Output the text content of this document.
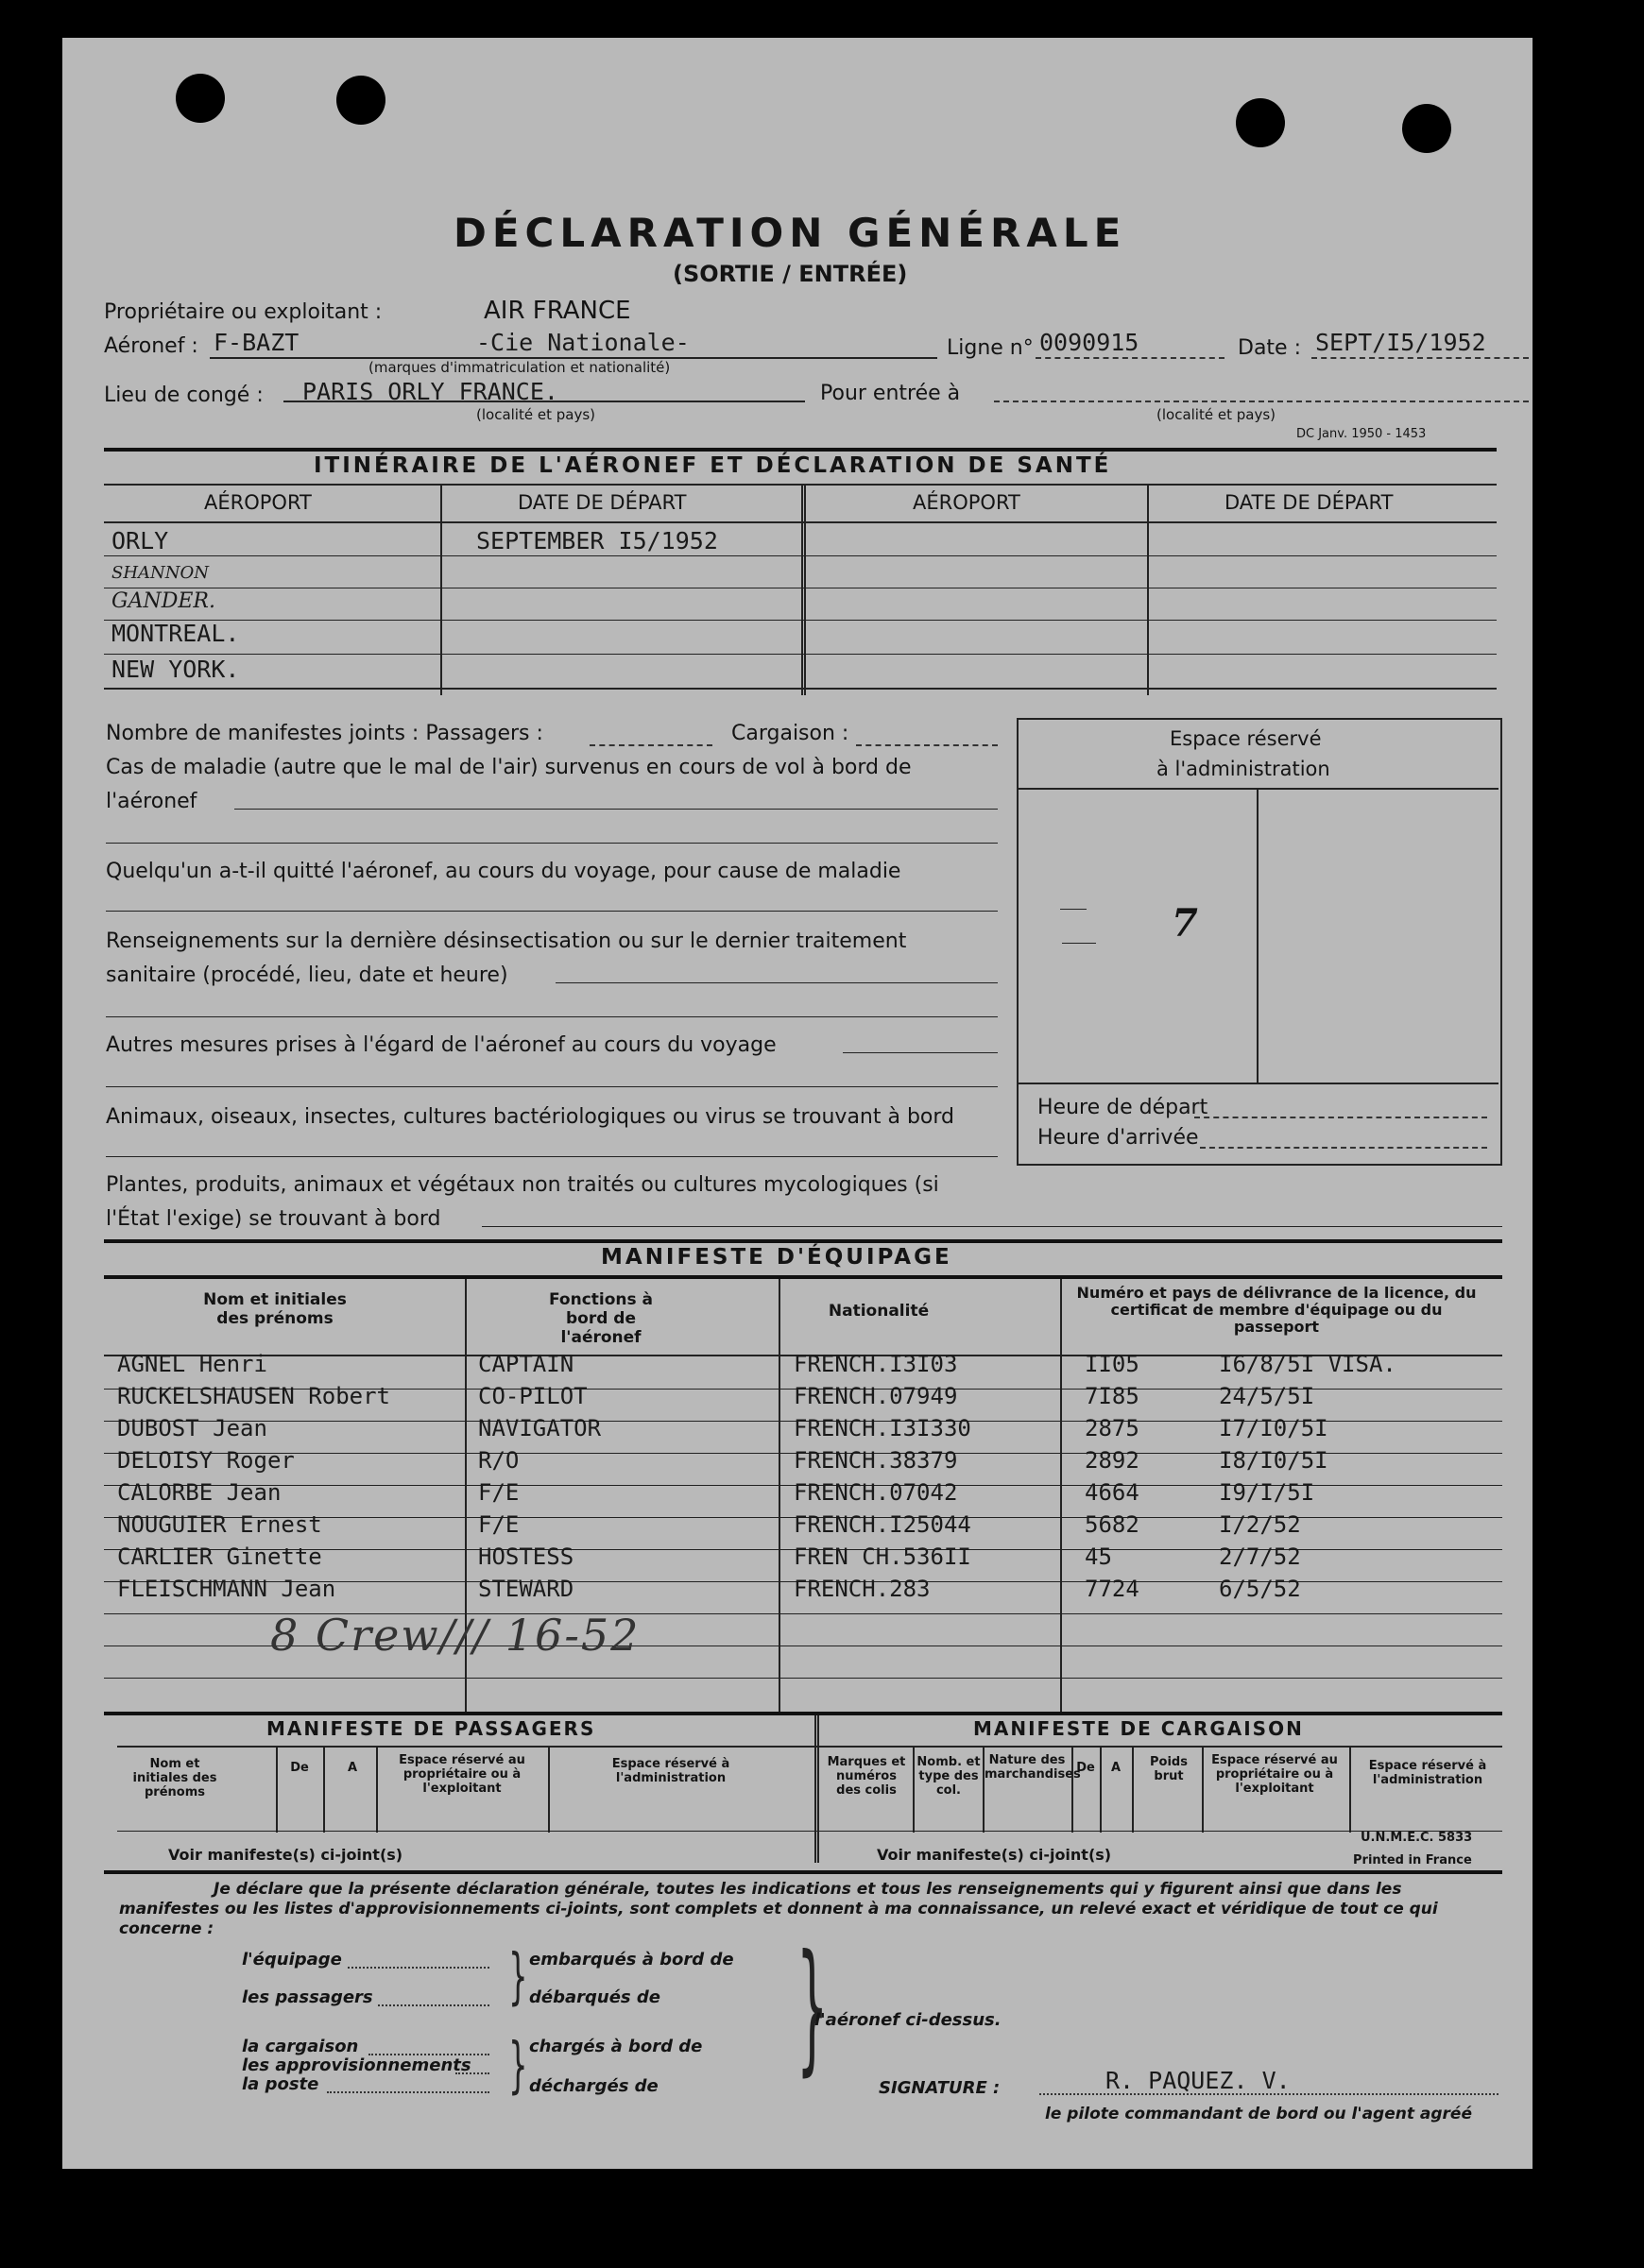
DÉCLARATION GÉNÉRALE
(SORTIE / ENTRÉE)
Propriétaire ou exploitant :	AIR FRANCE
Aéronef : F-BAZT	-Cie Nationale-
(marques d'immatriculation et nationalité)
Ligne n° 0090915	Date : SEPT/I5/1952
Lieu de congé : PARIS ORLY FRANCE.
(localité et pays)
Pour entrée à
(localité et pays)
DC Janv. 1950 - 1453
ITINÉRAIRE DE L'AÉRONEF ET DÉCLARATION DE SANTÉ
AÉROPORT	DATE DE DÉPART	AÉROPORT	DATE DE DÉPART
ORLY	SEPTEMBER I5/1952
SHANNON
GANDER.
MONTREAL.
NEW YORK.
Nombre de manifestes joints : Passagers :	Cargaison :
Cas de maladie (autre que le mal de l'air) survenus en cours de vol à bord de
l'aéronef
Quelqu'un a-t-il quitté l'aéronef, au cours du voyage, pour cause de maladie
Renseignements sur la dernière désinsectisation ou sur le dernier traitement
sanitaire (procédé, lieu, date et heure)
Autres mesures prises à l'égard de l'aéronef au cours du voyage
Animaux, oiseaux, insectes, cultures bactériologiques ou virus se trouvant à bord
Plantes, produits, animaux et végétaux non traités ou cultures mycologiques (si
l'État l'exige) se trouvant à bord
Espace réservé
à l'administration
7
Heure de départ
Heure d'arrivée
MANIFESTE D'ÉQUIPAGE
Nom et initiales des prénoms
Fonctions à bord de l'aéronef
Nationalité
Numéro et pays de délivrance de la licence, du certificat de membre d'équipage ou du passeport
AGNEL Henri	CAPTAIN	FRENCH.I3I03	II05	I6/8/5I VISA.
RUCKELSHAUSEN Robert	CO-PILOT	FRENCH.07949	7I85	24/5/5I
DUBOST Jean	NAVIGATOR	FRENCH.I3I330	2875	I7/I0/5I
DELOISY Roger	R/O	FRENCH.38379	2892	I8/I0/5I
CALORBE Jean	F/E	FRENCH.07042	4664	I9/I/5I
NOUGUIER Ernest	F/E	FRENCH.I25044	5682	I/2/52
CARLIER Ginette	HOSTESS	FREN CH.536II	45	2/7/52
FLEISCHMANN Jean	STEWARD	FRENCH.283	7724	6/5/52
8 Crew/// 16-52
MANIFESTE DE PASSAGERS	MANIFESTE DE CARGAISON
Nom et initiales des prénoms
De	A
Espace réservé au propriétaire ou à l'exploitant
Espace réservé à l'administration
Marques et numéros des colis
Nomb. et type des col.
Nature des marchandises
De	A	Poids brut
Espace réservé au propriétaire ou à l'exploitant
Espace réservé à l'administration
Voir manifeste(s) ci-joint(s)	Voir manifeste(s) ci-joint(s)
U.N.M.E.C. 5833
Printed in France
Je déclare que la présente déclaration générale, toutes les indications et tous les renseignements qui y figurent ainsi que dans les manifestes ou les listes d'approvisionnements ci-joints, sont complets et donnent à ma connaissance, un relevé exact et véridique de tout ce qui concerne :
l'équipage
les passagers
la cargaison
les approvisionnements
la poste
}
}
embarqués à bord de
débarqués de
chargés à bord de
déchargés de }
l'aéronef ci-dessus.
SIGNATURE :	R. PAQUEZ. V.
le pilote commandant de bord ou l'agent agréé
